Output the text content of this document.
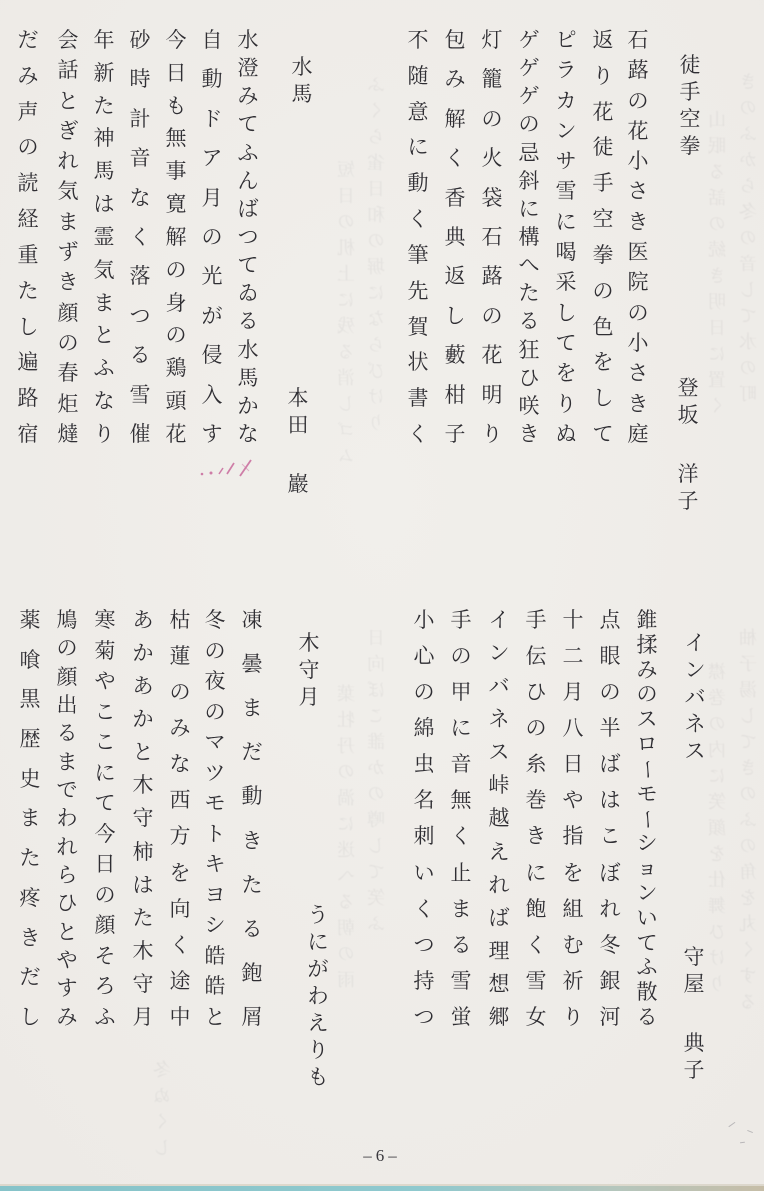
きのふから冬の音して水の町
山眠る話の続き明日に置く
ふくら雀日和の塀にならびけり
短日の机上に残る消しゴム
柚子湯してきのふの角を丸くする
襟巻の内に笑顔を仕舞ひけり
日向ぼこ誰かの噂して笑ふ
葉牡丹の渦に迷へる朝の雨
冬ぬくし
徒
手
空
拳
登
坂
洋
子
石
蕗
の
花
小
さ
き
医
院
の
小
さ
き
庭
返
り
花
徒
手
空
拳
の
色
を
し
て
ピ
ラ
カ
ン
サ
雪
に
喝
采
し
て
を
り
ぬ
ゲ
ゲ
ゲ
の
忌
斜
に
構
へ
た
る
狂
ひ
咲
き
灯
籠
の
火
袋
石
蕗
の
花
明
り
包
み
解
く
香
典
返
し
藪
柑
子
不
随
意
に
動
く
筆
先
賀
状
書
く
水
馬
本
田
巖
水
澄
み
て
ふ
ん
ば
つ
て
ゐ
る
水
馬
か
な
自
動
ド
ア
月
の
光
が
侵
入
す
今
日
も
無
事
寛
解
の
身
の
鶏
頭
花
砂
時
計
音
な
く
落
つ
る
雪
催
年
新
た
神
馬
は
霊
気
ま
と
ふ
な
り
会
話
と
ぎ
れ
気
ま
ず
き
顔
の
春
炬
燵
だ
み
声
の
読
経
重
た
し
遍
路
宿
イ
ン
バ
ネ
ス
守
屋
典
子
錐
揉
み
の
ス
ロ
ー
モ
ー
シ
ョ
ン
い
て
ふ
散
る
点
眼
の
半
ば
は
こ
ぼ
れ
冬
銀
河
十
二
月
八
日
や
指
を
組
む
祈
り
手
伝
ひ
の
糸
巻
き
に
飽
く
雪
女
イ
ン
バ
ネ
ス
峠
越
え
れ
ば
理
想
郷
手
の
甲
に
音
無
く
止
ま
る
雪
蛍
小
心
の
綿
虫
名
刺
い
く
つ
持
つ
木
守
月
う
に
が
わ
え
り
も
凍
曇
ま
だ
動
き
た
る
鉋
屑
冬
の
夜
の
マ
ツ
モ
ト
キ
ヨ
シ
皓
皓
と
枯
蓮
の
み
な
西
方
を
向
く
途
中
あ
か
あ
か
と
木
守
柿
は
た
木
守
月
寒
菊
や
こ
こ
に
て
今
日
の
顔
そ
ろ
ふ
鳩
の
顔
出
る
ま
で
わ
れ
ら
ひ
と
や
す
み
薬
喰
黒
歴
史
ま
た
疼
き
だ
し
–6–
